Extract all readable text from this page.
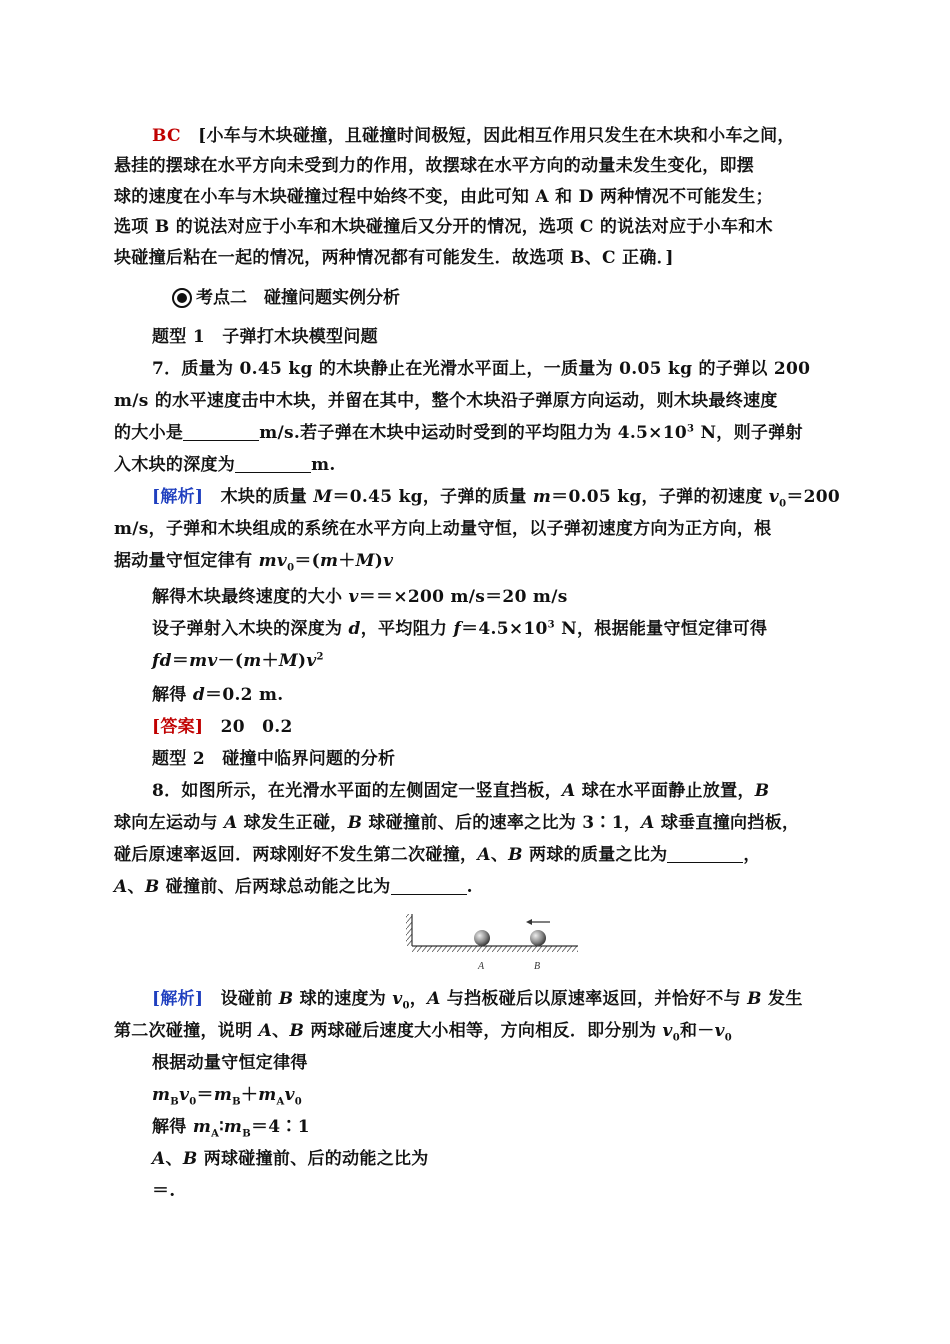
BC　 [小车与木块碰撞，且碰撞时间极短，因此相互作用只发生在木块和小车之间，
悬挂的摆球在水平方向未受到力的作用，故摆球在水平方向的动量未发生变化，即摆
球的速度在小车与木块碰撞过程中始终不变，由此可知 A 和 D 两种情况不可能发生；
选项 B 的说法对应于小车和木块碰撞后又分开的情况，选项 C 的说法对应于小车和木
块碰撞后粘在一起的情况，两种情况都有可能发生．故选项 B、C 正确．]
考点二　碰撞问题实例分析
题型 1　子弹打木块模型问题
7．质量为 0.45 kg 的木块静止在光滑水平面上，一质量为 0.05 kg 的子弹以 200
m/s 的水平速度击中木块，并留在其中，整个木块沿子弹原方向运动，则木块最终速度
的大小是	m/s.若子弹在木块中运动时受到的平均阻力为 $4.5\times 10^3$ N，则子弹射
入木块的深度为	m.
[解析]　木块的质量 M＝0.45 kg，子弹的质量 m＝0.05 kg，子弹的初速度 $v_0=200$
m/s，子弹和木块组成的系统在水平方向上动量守恒，以子弹初速度方向为正方向，根
据动量守恒定律有 $mv_0=(m+M)v$
解得木块最终速度的大小 v＝＝×200 m/s＝20 m/s
设子弹射入木块的深度为 d，平均阻力 $f=4.5\times 10^3$ N，根据能量守恒定律可得
$fd=mv-(m+M)v^2$
解得 d＝0.2 m.
[答案]　20　0.2
题型 2　碰撞中临界问题的分析
8．如图所示，在光滑水平面的左侧固定一竖直挡板，A 球在水平面静止放置，B
球向左运动与 A 球发生正碰，B 球碰撞前、后的速率之比为 3∶1，A 球垂直撞向挡板，
碰后原速率返回．两球刚好不发生第二次碰撞，A、B 两球的质量之比为	，
A、B 碰撞前、后两球总动能之比为	.
A	B
[解析]　设碰前 B 球的速度为 $v_0$，A 与挡板碰后以原速率返回，并恰好不与 B 发生
第二次碰撞，说明 A、B 两球碰后速度大小相等，方向相反．即分别为 $v_0$和$-v_0$
根据动量守恒定律得
$m_Bv_0=m_B+m_Av_0$
解得 $m_A∶m_B=4∶1$
A、B 两球碰撞前、后的动能之比为
＝.
